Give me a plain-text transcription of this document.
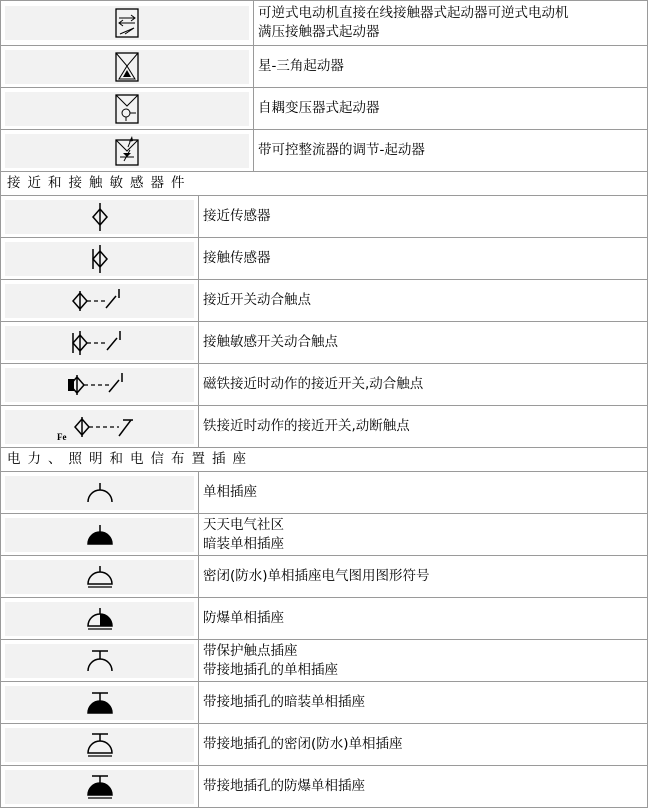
可逆式电动机直接在线接触器式起动器可逆式电动机
满压接触器式起动器
星-三角起动器
自耦变压器式起动器
带可控整流器的调节-起动器
接近和接触敏感器件
接近传感器
接触传感器
接近开关动合触点
接触敏感开关动合触点
磁铁接近时动作的接近开关,动合触点
Fe
铁接近时动作的接近开关,动断触点
电力、照明和电信布置插座
单相插座
天天电气社区
暗装单相插座
密闭(防水)单相插座电气图用图形符号
防爆单相插座
带保护触点插座
带接地插孔的单相插座
带接地插孔的暗装单相插座
带接地插孔的密闭(防水)单相插座
带接地插孔的防爆单相插座
